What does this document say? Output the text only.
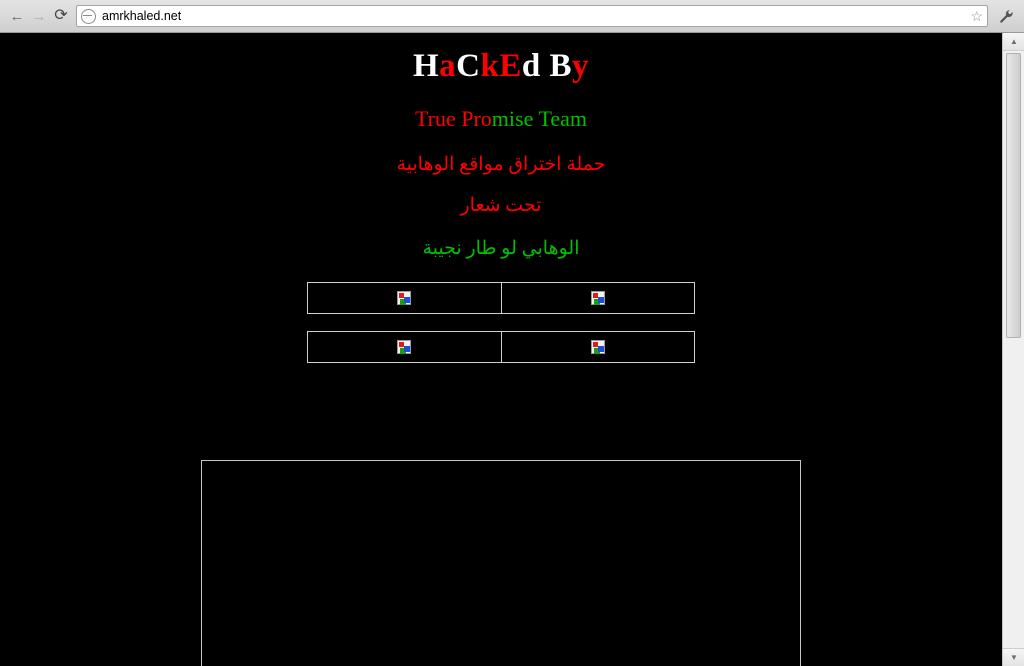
← → ⟳	amrkhaled.net	☆
HaCkEd By
True Promise Team
حملة اختراق مواقع الوهابية
تحت شعار
الوهابي لو طار نجيبة

▲
▼
